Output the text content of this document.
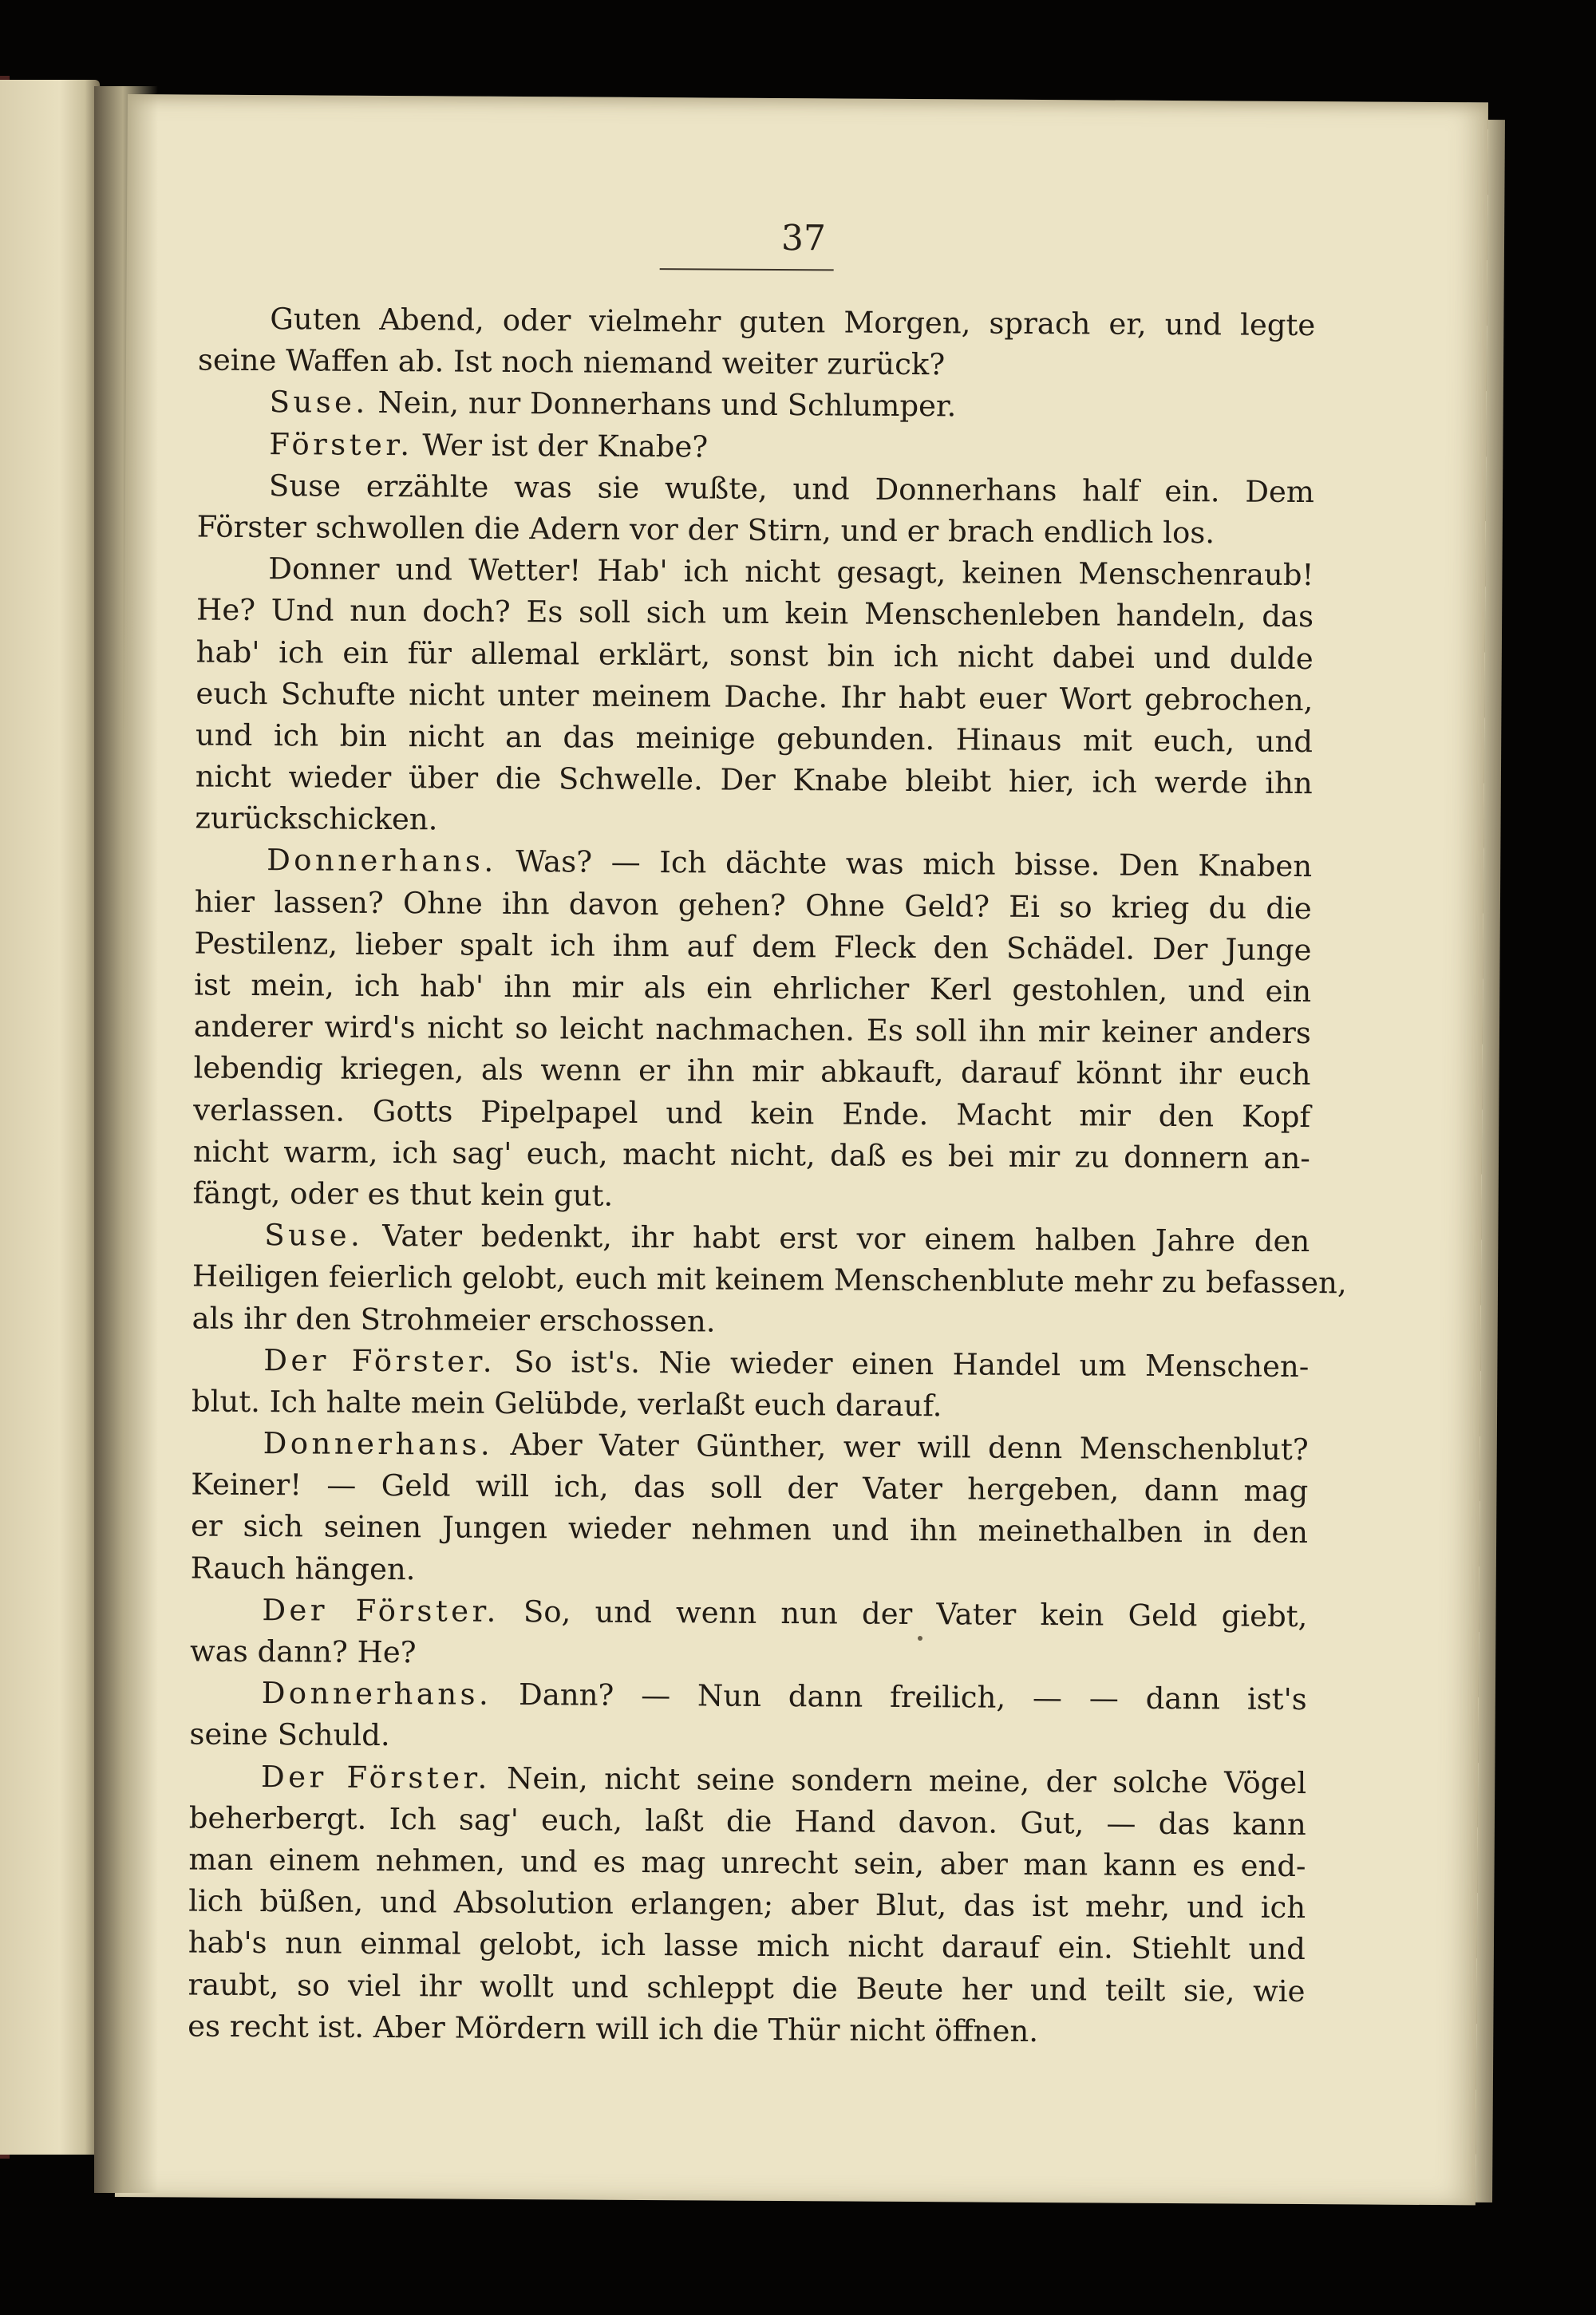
37
Guten Abend, oder vielmehr guten Morgen, sprach er, und legte
seine Waffen ab. Ist noch niemand weiter zurück?
Suse. Nein, nur Donnerhans und Schlumper.
Förster. Wer ist der Knabe?
Suse erzählte was sie wußte, und Donnerhans half ein. Dem
Förster schwollen die Adern vor der Stirn, und er brach endlich los.
Donner und Wetter! Hab' ich nicht gesagt, keinen Menschenraub!
He? Und nun doch? Es soll sich um kein Menschenleben handeln, das
hab' ich ein für allemal erklärt, sonst bin ich nicht dabei und dulde
euch Schufte nicht unter meinem Dache. Ihr habt euer Wort gebrochen,
und ich bin nicht an das meinige gebunden. Hinaus mit euch, und
nicht wieder über die Schwelle. Der Knabe bleibt hier, ich werde ihn
zurückschicken.
Donnerhans. Was? — Ich dächte was mich bisse. Den Knaben
hier lassen? Ohne ihn davon gehen? Ohne Geld? Ei so krieg du die
Pestilenz, lieber spalt ich ihm auf dem Fleck den Schädel. Der Junge
ist mein, ich hab' ihn mir als ein ehrlicher Kerl gestohlen, und ein
anderer wird's nicht so leicht nachmachen. Es soll ihn mir keiner anders
lebendig kriegen, als wenn er ihn mir abkauft, darauf könnt ihr euch
verlassen. Gotts Pipelpapel und kein Ende. Macht mir den Kopf
nicht warm, ich sag' euch, macht nicht, daß es bei mir zu donnern an-
fängt, oder es thut kein gut.
Suse. Vater bedenkt, ihr habt erst vor einem halben Jahre den
Heiligen feierlich gelobt, euch mit keinem Menschenblute mehr zu befassen,
als ihr den Strohmeier erschossen.
Der Förster. So ist's. Nie wieder einen Handel um Menschen-
blut. Ich halte mein Gelübde, verlaßt euch darauf.
Donnerhans. Aber Vater Günther, wer will denn Menschenblut?
Keiner! — Geld will ich, das soll der Vater hergeben, dann mag
er sich seinen Jungen wieder nehmen und ihn meinethalben in den
Rauch hängen.
Der Förster. So, und wenn nun der Vater kein Geld giebt,
was dann? He?
Donnerhans. Dann? — Nun dann freilich, — — dann ist's
seine Schuld.
Der Förster. Nein, nicht seine sondern meine, der solche Vögel
beherbergt. Ich sag' euch, laßt die Hand davon. Gut, — das kann
man einem nehmen, und es mag unrecht sein, aber man kann es end-
lich büßen, und Absolution erlangen; aber Blut, das ist mehr, und ich
hab's nun einmal gelobt, ich lasse mich nicht darauf ein. Stiehlt und
raubt, so viel ihr wollt und schleppt die Beute her und teilt sie, wie
es recht ist. Aber Mördern will ich die Thür nicht öffnen.
